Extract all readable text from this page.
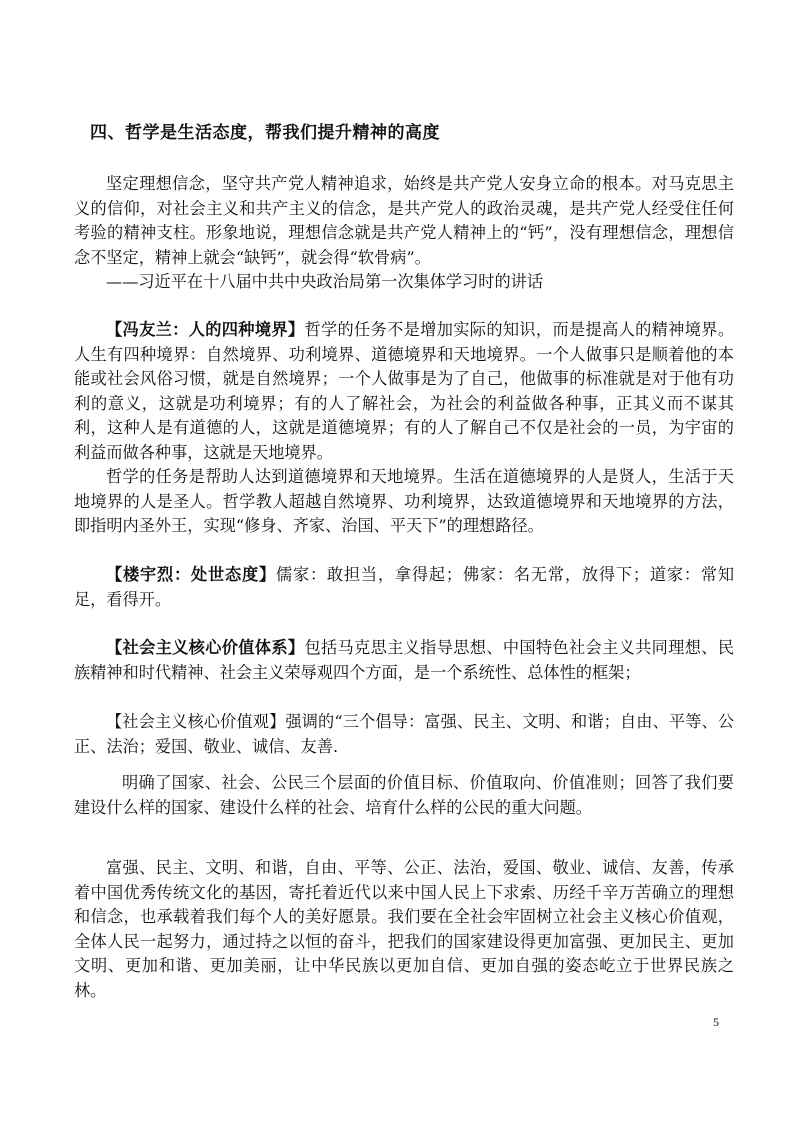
四、哲学是生活态度，帮我们提升精神的高度

坚定理想信念，坚守共产党人精神追求，始终是共产党人安身立命的根本。对马克思主义的信仰，对社会主义和共产主义的信念，是共产党人的政治灵魂，是共产党人经受住任何考验的精神支柱。形象地说，理想信念就是共产党人精神上的“钙”，没有理想信念，理想信念不坚定，精神上就会“缺钙”，就会得“软骨病”。

——习近平在十八届中共中央政治局第一次集体学习时的讲话

【冯友兰：人的四种境界】哲学的任务不是增加实际的知识，而是提高人的精神境界。人生有四种境界：自然境界、功利境界、道德境界和天地境界。一个人做事只是顺着他的本能或社会风俗习惯，就是自然境界；一个人做事是为了自己，他做事的标准就是对于他有功利的意义，这就是功利境界；有的人了解社会，为社会的利益做各种事，正其义而不谋其利，这种人是有道德的人，这就是道德境界；有的人了解自己不仅是社会的一员，为宇宙的利益而做各种事，这就是天地境界。

哲学的任务是帮助人达到道德境界和天地境界。生活在道德境界的人是贤人，生活于天地境界的人是圣人。哲学教人超越自然境界、功利境界，达致道德境界和天地境界的方法，即指明内圣外王，实现“修身、齐家、治国、平天下”的理想路径。

【楼宇烈：处世态度】儒家：敢担当，拿得起；佛家：名无常，放得下；道家：常知足，看得开。

【社会主义核心价值体系】包括马克思主义指导思想、中国特色社会主义共同理想、民族精神和时代精神、社会主义荣辱观四个方面，是一个系统性、总体性的框架；

【社会主义核心价值观】强调的“三个倡导：富强、民主、文明、和谐；自由、平等、公正、法治；爱国、敬业、诚信、友善.

明确了国家、社会、公民三个层面的价值目标、价值取向、价值准则；回答了我们要建设什么样的国家、建设什么样的社会、培育什么样的公民的重大问题。

富强、民主、文明、和谐，自由、平等、公正、法治，爱国、敬业、诚信、友善，传承着中国优秀传统文化的基因，寄托着近代以来中国人民上下求索、历经千辛万苦确立的理想和信念，也承载着我们每个人的美好愿景。我们要在全社会牢固树立社会主义核心价值观，全体人民一起努力，通过持之以恒的奋斗，把我们的国家建设得更加富强、更加民主、更加文明、更加和谐、更加美丽，让中华民族以更加自信、更加自强的姿态屹立于世界民族之林。

5
